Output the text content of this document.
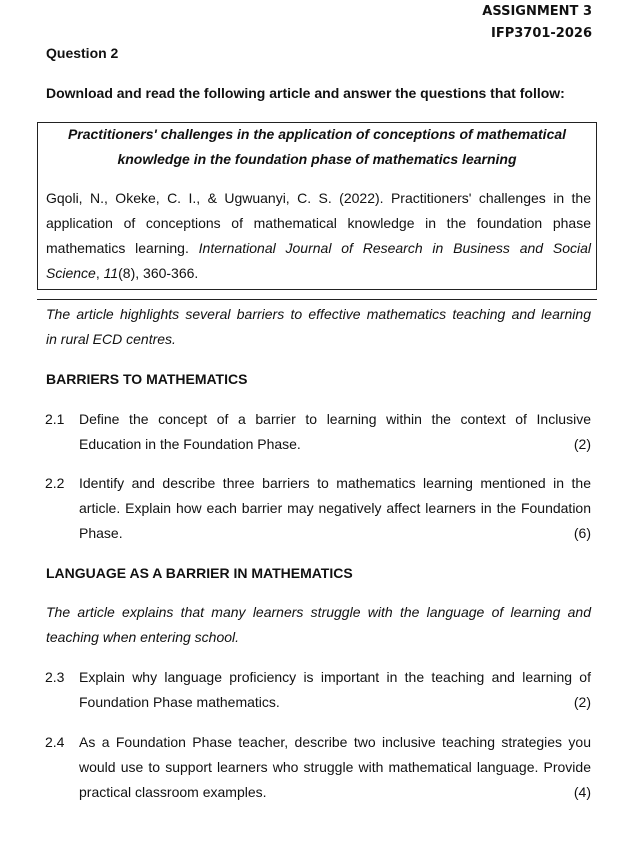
ASSIGNMENT 3
IFP3701-2026
Question 2
Download and read the following article and answer the questions that follow:
Practitioners' challenges in the application of conceptions of mathematical
knowledge in the foundation phase of mathematics learning
Gqoli, N., Okeke, C. I., & Ugwuanyi, C. S. (2022). Practitioners' challenges in the
application of conceptions of mathematical knowledge in the foundation phase
mathematics learning. International Journal of Research in Business and Social
Science, 11(8), 360-366.
The article highlights several barriers to effective mathematics teaching and learning
in rural ECD centres.
BARRIERS TO MATHEMATICS
2.1 Define the concept of a barrier to learning within the context of Inclusive
Education in the Foundation Phase.	(2)
2.2 Identify and describe three barriers to mathematics learning mentioned in the
article. Explain how each barrier may negatively affect learners in the Foundation
Phase.	(6)
LANGUAGE AS A BARRIER IN MATHEMATICS
The article explains that many learners struggle with the language of learning and
teaching when entering school.
2.3 Explain why language proficiency is important in the teaching and learning of
Foundation Phase mathematics.	(2)
2.4 As a Foundation Phase teacher, describe two inclusive teaching strategies you
would use to support learners who struggle with mathematical language. Provide
practical classroom examples.	(4)
